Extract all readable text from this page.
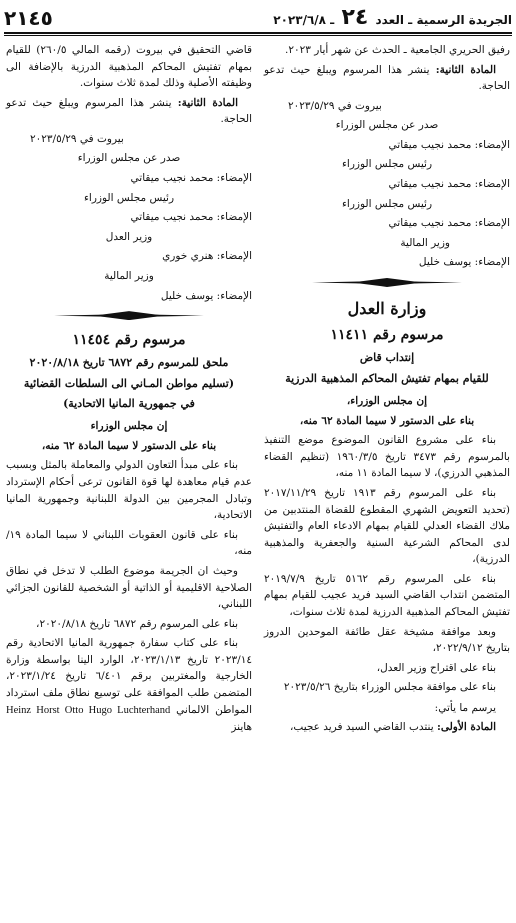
الجريدة الرسمية ـ العدد ٢٤ ـ ٢٠٢٣/٦/٨
٢١٤٥

رفيق الحريري الجامعية ـ الحدث عن شهر أيار ٢٠٢٣.

المادة الثانية: ينشر هذا المرسوم ويبلغ حيث تدعو الحاجة.

بيروت في ٢٠٢٣/٥/٢٩

صدر عن مجلس الوزراء

الإمضاء: محمد نجيب ميقاتي

رئيس مجلس الوزراء

الإمضاء: محمد نجيب ميقاتي

رئيس مجلس الوزراء

الإمضاء: محمد نجيب ميقاتي

وزير المالية

الإمضاء: يوسف خليل

وزارة العدل

مرسوم رقم ١١٤١١

إنتداب قاض

للقيام بمهام تفتيش المحاكم المذهبية الدرزية

إن مجلس الوزراء،

بناء على الدستور لا سيما المادة ٦٢ منه،

بناء على مشروع القانون الموضوع موضع التنفيذ بالمرسوم رقم ٣٤٧٣ تاريخ ١٩٦٠/٣/٥ (تنظيم القضاء المذهبي الدرزي)، لا سيما المادة ١١ منه،

بناء على المرسوم رقم ١٩١٣ تاريخ ٢٠١٧/١١/٢٩ (تحديد التعويض الشهري المقطوع للقضاة المنتدبين من ملاك القضاء العدلي للقيام بمهام الادعاء العام والتفتيش لدى المحاكم الشرعية السنية والجعفرية والمذهبية الدرزية)،

بناء على المرسوم رقم ٥١٦٢ تاريخ ٢٠١٩/٧/٩ المتضمن انتداب القاضي السيد فريد عجيب للقيام بمهام تفتيش المحاكم المذهبية الدرزية لمدة ثلاث سنوات،

وبعد موافقة مشيخة عقل طائفة الموحدين الدروز بتاريخ ٢٠٢٢/٩/١٢،

بناء على اقتراح وزير العدل،

بناء على موافقة مجلس الوزراء بتاريخ ٢٠٢٣/٥/٢٦

يرسم ما يأتي:

المادة الأولى: ينتدب القاضي السيد فريد عجيب،

قاضي التحقيق في بيروت (رقمه المالي ٢٦٠/٥) للقيام بمهام تفتيش المحاكم المذهبية الدرزية بالإضافة الى وظيفته الأصلية وذلك لمدة ثلاث سنوات.

المادة الثانية: ينشر هذا المرسوم ويبلغ حيث تدعو الحاجة.

بيروت في ٢٠٢٣/٥/٢٩

صدر عن مجلس الوزراء

الإمضاء: محمد نجيب ميقاتي

رئيس مجلس الوزراء

الإمضاء: محمد نجيب ميقاتي

وزير العدل

الإمضاء: هنري خوري

وزير المالية

الإمضاء: يوسف خليل

مرسوم رقم ١١٤٥٤

ملحق للمرسوم رقم ٦٨٧٢ تاريخ ٢٠٢٠/٨/١٨

(تسليم مواطن المـاني الى السلطات القضائية

في جمهورية المانيا الاتحادية)

إن مجلس الوزراء

بناء على الدستور لا سيما المادة ٦٢ منه،

بناء على مبدأ التعاون الدولي والمعاملة بالمثل وبسبب عدم قيام معاهدة لها قوة القانون ترعى أحكام الإسترداد وتبادل المجرمين بين الدولة اللبنانية وجمهورية المانيا الاتحادية،

بناء على قانون العقوبات اللبناني لا سيما المادة ١٩/ منه،

وحيث ان الجريمة موضوع الطلب لا تدخل في نطاق الصلاحية الاقليمية أو الذاتية أو الشخصية للقانون الجزائي اللبناني،

بناء على المرسوم رقم ٦٨٧٢ تاريخ ٢٠٢٠/٨/١٨،

بناء على كتاب سفارة جمهورية المانيا الاتحادية رقم ٢٠٢٣/١٤ تاريخ ٢٠٢٣/١/١٣، الوارد الينا بواسطة وزارة الخارجية والمغتربين برقم ٦/٤٠١ تاريخ ٢٠٢٣/١/٢٤، المتضمن طلب الموافقة على توسيع نطاق ملف استرداد المواطن الالماني Heinz Horst Otto Hugo Luchterhand هاينز
